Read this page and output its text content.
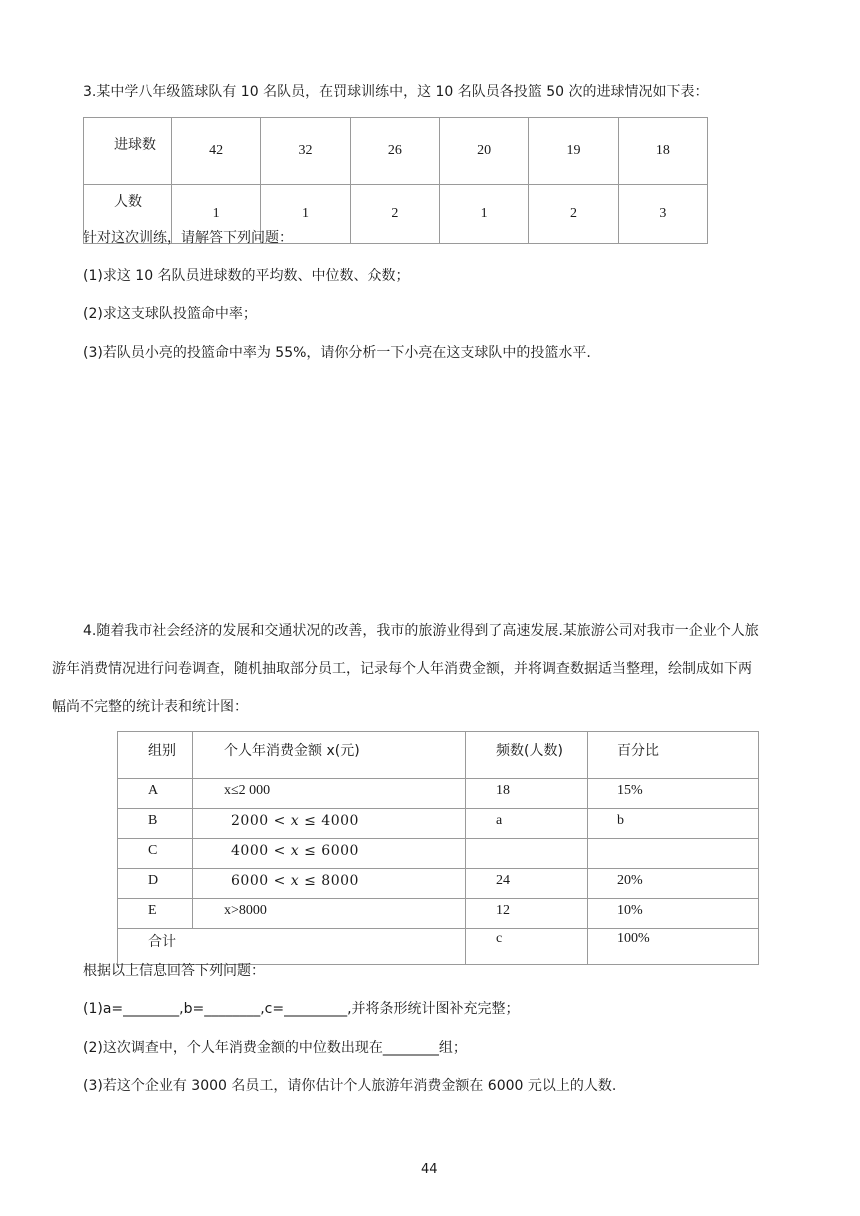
3.某中学八年级篮球队有 10 名队员，在罚球训练中，这 10 名队员各投篮 50 次的进球情况如下表：
进球数	42	32	26	20	19	18
人数	1	1	2	1	2	3
针对这次训练，请解答下列问题：
(1)求这 10 名队员进球数的平均数、中位数、众数；
(2)求这支球队投篮命中率；
(3)若队员小亮的投篮命中率为 55%，请你分析一下小亮在这支球队中的投篮水平.
4.随着我市社会经济的发展和交通状况的改善，我市的旅游业得到了高速发展.某旅游公司对我市一企业个人旅
游年消费情况进行问卷调查，随机抽取部分员工，记录每个人年消费金额，并将调查数据适当整理，绘制成如下两
幅尚不完整的统计表和统计图：
组别	个人年消费金额 x(元)	频数(人数)	百分比
A	x≤2 000	18	15%
B	2000 < 𝑥 ≤ 4000	a	b
C	4000 < 𝑥 ≤ 6000		
D	6000 < 𝑥 ≤ 8000	24	20%
E	x>8000	12	10%
合计		c	100%
根据以上信息回答下列问题：
(1)a=________,b=________,c=_________,并将条形统计图补充完整；
(2)这次调查中，个人年消费金额的中位数出现在________组；
(3)若这个企业有 3000 名员工，请你估计个人旅游年消费金额在 6000 元以上的人数.
44
